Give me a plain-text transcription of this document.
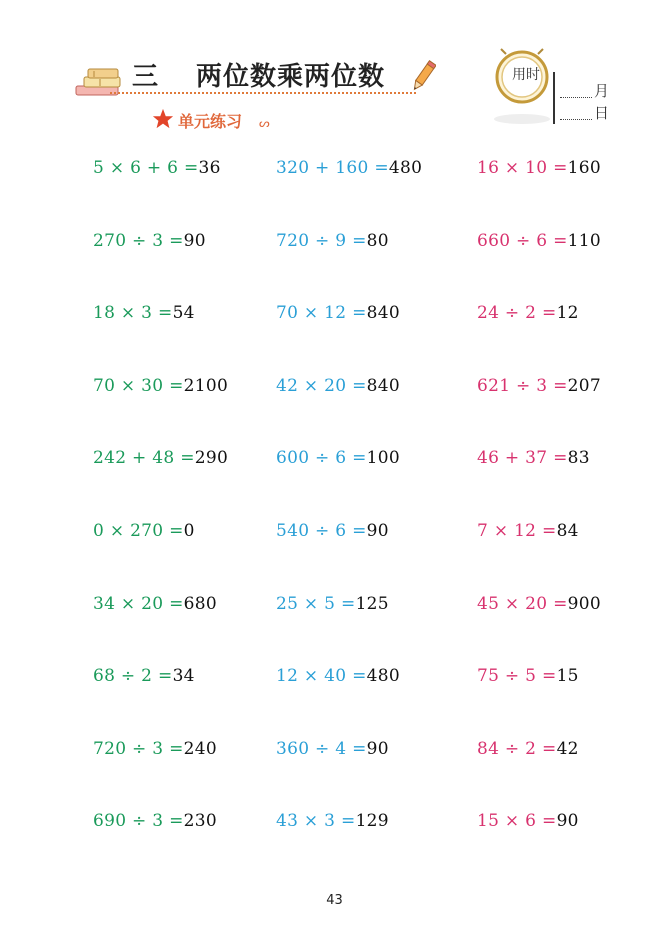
三 两位数乘两位数	用时
月
日
单元练习 ᔕ
5 × 6 + 6 =36	320 + 160 =480	16 × 10 =160
270 ÷ 3 =90	720 ÷ 9 =80	660 ÷ 6 =110
18 × 3 =54	70 × 12 =840	24 ÷ 2 =12
70 × 30 =2100	42 × 20 =840	621 ÷ 3 =207
242 + 48 =290	600 ÷ 6 =100	46 + 37 =83
0 × 270 =0	540 ÷ 6 =90	7 × 12 =84
34 × 20 =680	25 × 5 =125	45 × 20 =900
68 ÷ 2 =34	12 × 40 =480	75 ÷ 5 =15
720 ÷ 3 =240	360 ÷ 4 =90	84 ÷ 2 =42
690 ÷ 3 =230	43 × 3 =129	15 × 6 =90
43
